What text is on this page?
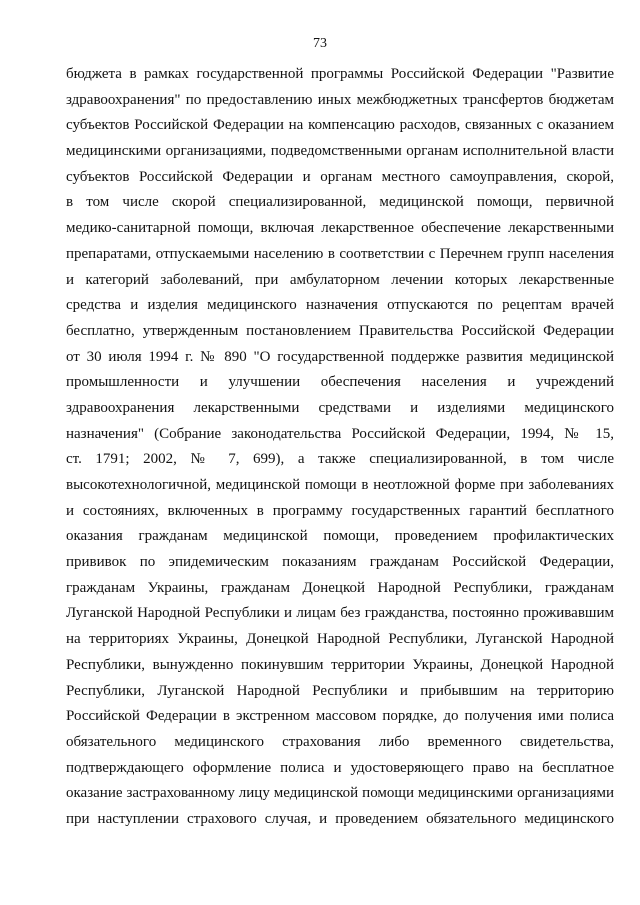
73
бюджета в рамках государственной программы Российской Федерации "Развитие
здравоохранения" по предоставлению иных межбюджетных трансфертов бюджетам
субъектов Российской Федерации на компенсацию расходов, связанных с оказанием
медицинскими организациями, подведомственными органам исполнительной власти
субъектов Российской Федерации и органам местного самоуправления, скорой,
в том числе скорой специализированной, медицинской помощи, первичной
медико-санитарной помощи, включая лекарственное обеспечение лекарственными
препаратами, отпускаемыми населению в соответствии с Перечнем групп населения
и категорий заболеваний, при амбулаторном лечении которых лекарственные
средства и изделия медицинского назначения отпускаются по рецептам врачей
бесплатно, утвержденным постановлением Правительства Российской Федерации
от 30 июля 1994 г. № 890 "О государственной поддержке развития медицинской
промышленности и улучшении обеспечения населения и учреждений
здравоохранения лекарственными средствами и изделиями медицинского
назначения" (Собрание законодательства Российской Федерации, 1994, № 15,
ст. 1791; 2002, № 7, 699), а также специализированной, в том числе
высокотехнологичной, медицинской помощи в неотложной форме при заболеваниях
и состояниях, включенных в программу государственных гарантий бесплатного
оказания гражданам медицинской помощи, проведением профилактических
прививок по эпидемическим показаниям гражданам Российской Федерации,
гражданам Украины, гражданам Донецкой Народной Республики, гражданам
Луганской Народной Республики и лицам без гражданства, постоянно проживавшим
на территориях Украины, Донецкой Народной Республики, Луганской Народной
Республики, вынужденно покинувшим территории Украины, Донецкой Народной
Республики, Луганской Народной Республики и прибывшим на территорию
Российской Федерации в экстренном массовом порядке, до получения ими полиса
обязательного медицинского страхования либо временного свидетельства,
подтверждающего оформление полиса и удостоверяющего право на бесплатное
оказание застрахованному лицу медицинской помощи медицинскими организациями
при наступлении страхового случая, и проведением обязательного медицинского
